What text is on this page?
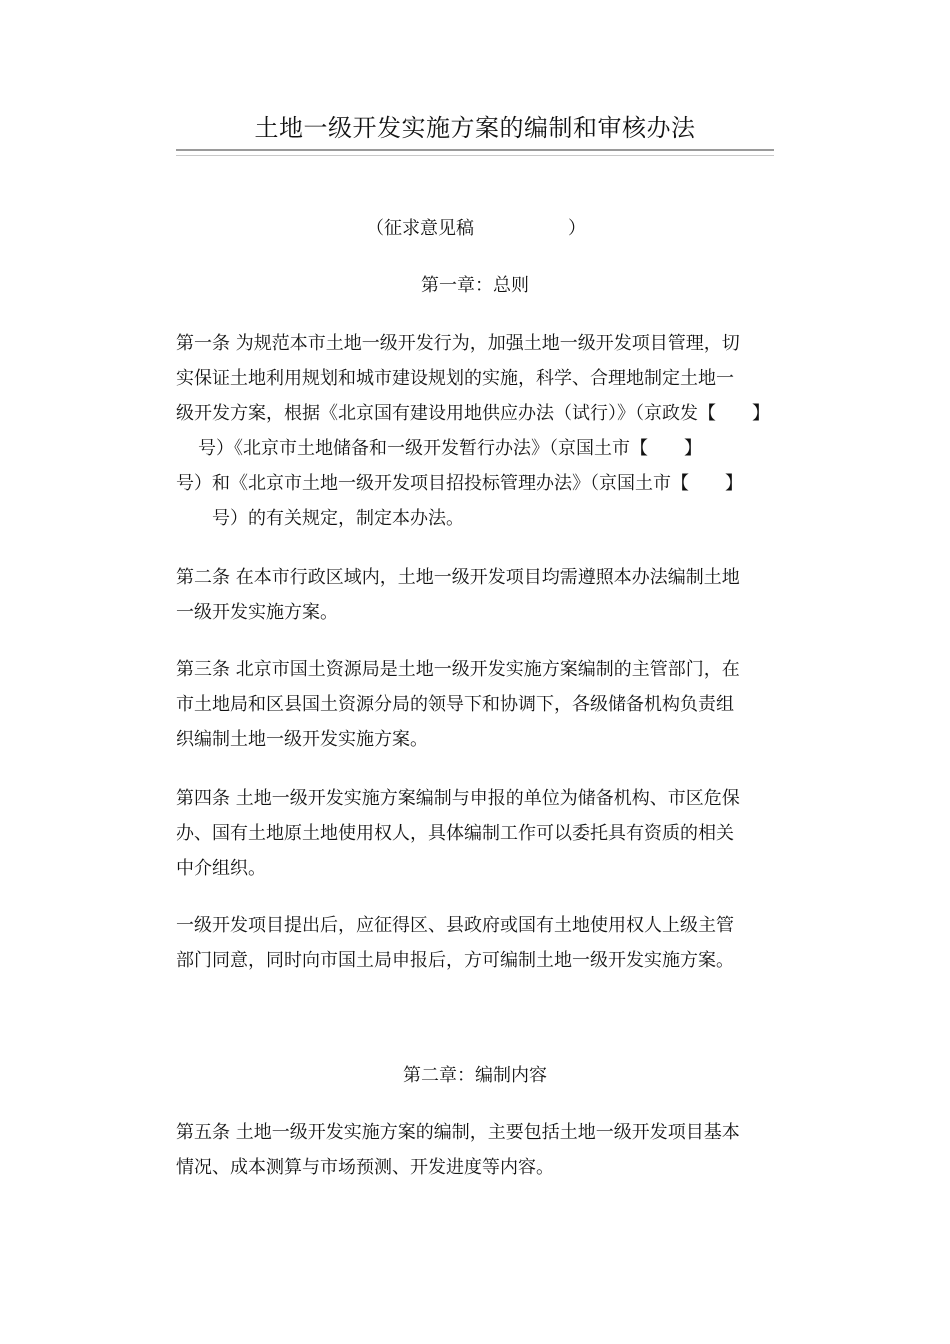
土地一级开发实施方案的编制和审核办法
（征求意见稿	）
第一章：总则
第一条 为规范本市土地一级开发行为，加强土地一级开发项目管理，切
实保证土地利用规划和城市建设规划的实施，科学、合理地制定土地一
级开发方案，根据《北京国有建设用地供应办法（试行）》（京政发【　　】
　号）《北京市土地储备和一级开发暂行办法》（京国土市【　　】
号）和《北京市土地一级开发项目招投标管理办法》（京国土市【　　】
号）的有关规定，制定本办法。
第二条 在本市行政区域内，土地一级开发项目均需遵照本办法编制土地
一级开发实施方案。
第三条 北京市国土资源局是土地一级开发实施方案编制的主管部门，在
市土地局和区县国土资源分局的领导下和协调下，各级储备机构负责组
织编制土地一级开发实施方案。
第四条 土地一级开发实施方案编制与申报的单位为储备机构、市区危保
办、国有土地原土地使用权人，具体编制工作可以委托具有资质的相关
中介组织。
一级开发项目提出后，应征得区、县政府或国有土地使用权人上级主管
部门同意，同时向市国土局申报后，方可编制土地一级开发实施方案。
第二章：编制内容
第五条 土地一级开发实施方案的编制，主要包括土地一级开发项目基本
情况、成本测算与市场预测、开发进度等内容。
